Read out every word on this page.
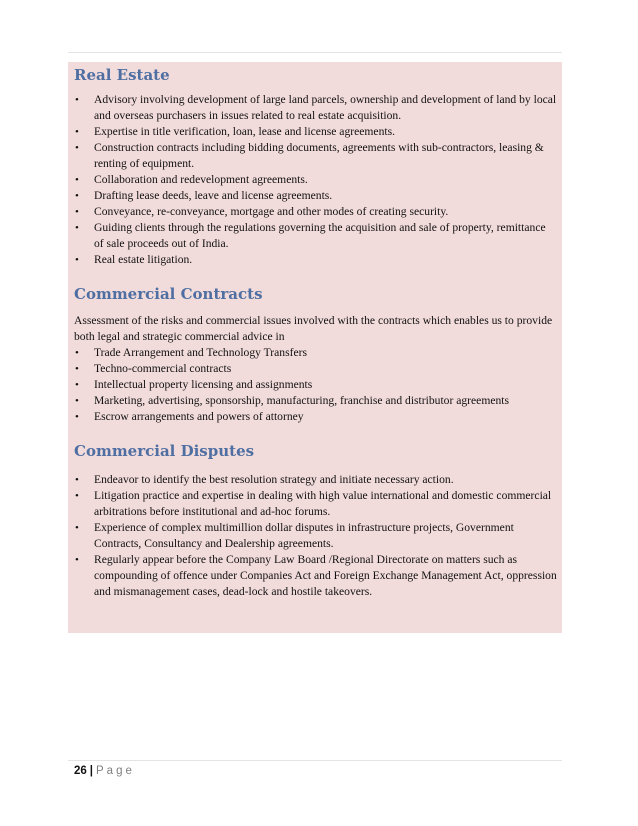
Real Estate
• Advisory involving development of large land parcels, ownership and development of land by local and overseas purchasers in issues related to real estate acquisition.
• Expertise in title verification, loan, lease and license agreements.
• Construction contracts including bidding documents, agreements with sub-contractors, leasing & renting of equipment.
• Collaboration and redevelopment agreements.
• Drafting lease deeds, leave and license agreements.
• Conveyance, re-conveyance, mortgage and other modes of creating security.
• Guiding clients through the regulations governing the acquisition and sale of property, remittance of sale proceeds out of India.
• Real estate litigation.
Commercial Contracts

Assessment of the risks and commercial issues involved with the contracts which enables us to provide both legal and strategic commercial advice in

• Trade Arrangement and Technology Transfers
• Techno-commercial contracts
• Intellectual property licensing and assignments
• Marketing, advertising, sponsorship, manufacturing, franchise and distributor agreements
• Escrow arrangements and powers of attorney
Commercial Disputes
• Endeavor to identify the best resolution strategy and initiate necessary action.
• Litigation practice and expertise in dealing with high value international and domestic commercial arbitrations before institutional and ad-hoc forums.
• Experience of complex multimillion dollar disputes in infrastructure projects, Government Contracts, Consultancy and Dealership agreements.
• Regularly appear before the Company Law Board /Regional Directorate on matters such as compounding of offence under Companies Act and Foreign Exchange Management Act, oppression and mismanagement cases, dead-lock and hostile takeovers.
26 | Page
